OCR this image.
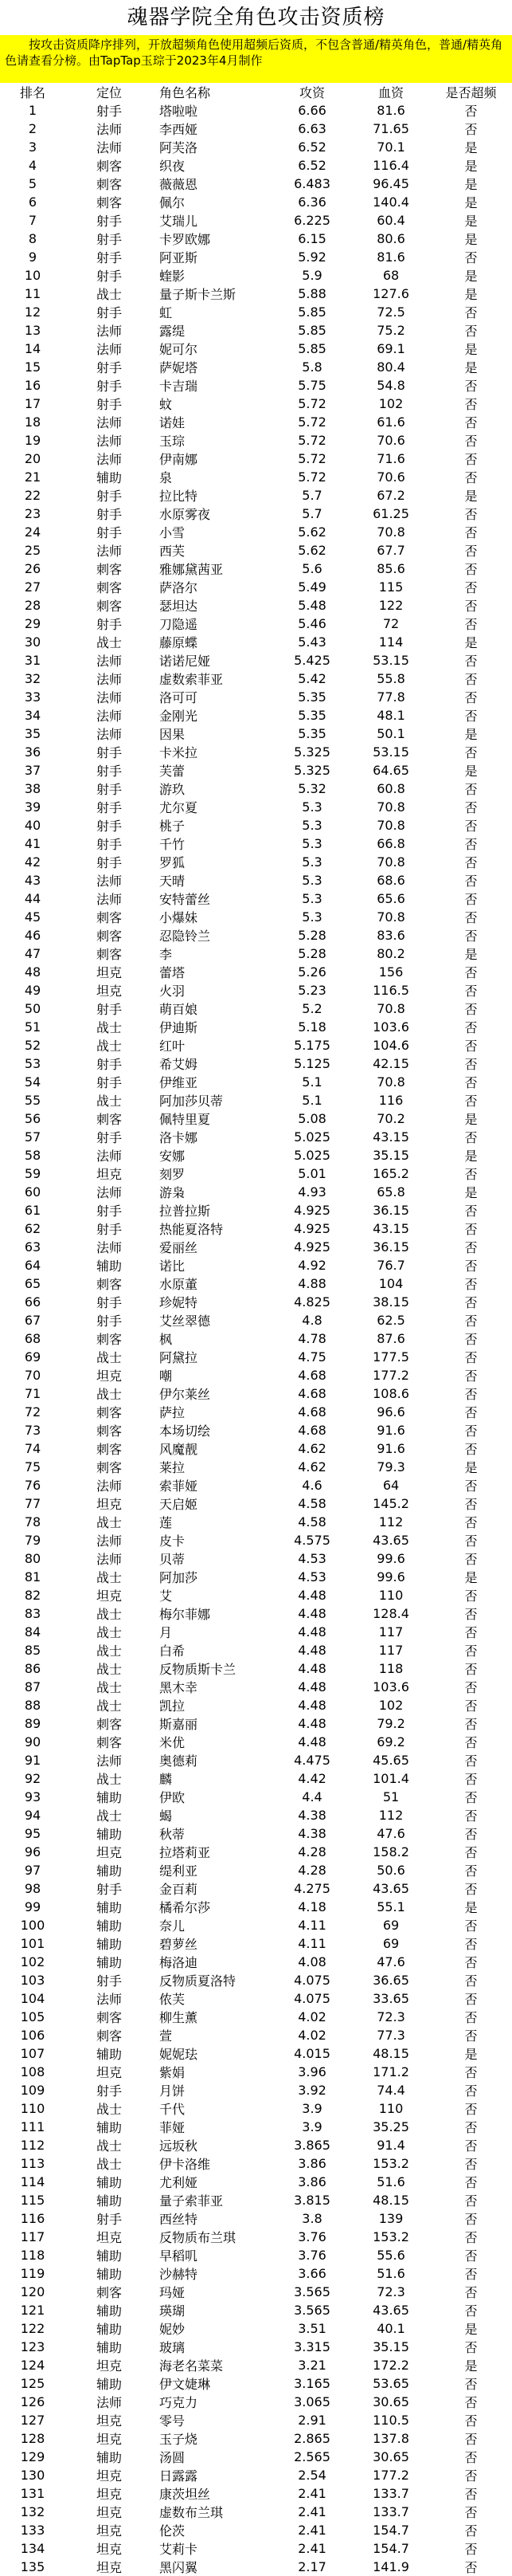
魂器学院全角色攻击资质榜
按攻击资质降序排列，开放超频角色使用超频后资质，不包含普通/精英角色，普通/精英角色请查看分榜。由TapTap玉琮于2023年4月制作
排名	定位	角色名称	攻资	血资	是否超频
1	射手	塔啦啦	6.66	81.6	否
2	法师	李西娅	6.63	71.65	否
3	法师	阿芙洛	6.52	70.1	是
4	刺客	织夜	6.52	116.4	是
5	刺客	薇薇恩	6.483	96.45	是
6	刺客	佩尔	6.36	140.4	是
7	射手	艾瑞儿	6.225	60.4	是
8	射手	卡罗欧娜	6.15	80.6	是
9	射手	阿亚斯	5.92	81.6	否
10	射手	蝰影	5.9	68	是
11	战士	量子斯卡兰斯	5.88	127.6	是
12	射手	虹	5.85	72.5	否
13	法师	露缇	5.85	75.2	否
14	法师	妮可尔	5.85	69.1	是
15	射手	萨妮塔	5.8	80.4	是
16	射手	卡吉瑞	5.75	54.8	否
17	射手	蚊	5.72	102	否
18	法师	诺娃	5.72	61.6	否
19	法师	玉琮	5.72	70.6	否
20	法师	伊南娜	5.72	71.6	否
21	辅助	泉	5.72	70.6	否
22	射手	拉比特	5.7	67.2	是
23	射手	水原雾夜	5.7	61.25	否
24	射手	小雪	5.62	70.8	否
25	法师	西芙	5.62	67.7	否
26	刺客	雅娜黛茜亚	5.6	85.6	否
27	刺客	萨洛尔	5.49	115	否
28	刺客	瑟坦达	5.48	122	否
29	射手	刀隐遥	5.46	72	否
30	战士	藤原蝶	5.43	114	是
31	法师	诺诺尼娅	5.425	53.15	否
32	法师	虚数索菲亚	5.42	55.8	否
33	法师	洛可可	5.35	77.8	否
34	法师	金刚光	5.35	48.1	否
35	法师	因果	5.35	50.1	是
36	射手	卡米拉	5.325	53.15	否
37	射手	芙蕾	5.325	64.65	是
38	射手	游玖	5.32	60.8	否
39	射手	尤尔夏	5.3	70.8	否
40	射手	桃子	5.3	70.8	否
41	射手	千竹	5.3	66.8	否
42	射手	罗狐	5.3	70.8	否
43	法师	天晴	5.3	68.6	否
44	法师	安特蕾丝	5.3	65.6	否
45	刺客	小爆妹	5.3	70.8	否
46	刺客	忍隐铃兰	5.28	83.6	否
47	刺客	李	5.28	80.2	是
48	坦克	蕾塔	5.26	156	否
49	坦克	火羽	5.23	116.5	否
50	射手	萌百娘	5.2	70.8	否
51	战士	伊迪斯	5.18	103.6	否
52	战士	红叶	5.175	104.6	否
53	射手	希艾姆	5.125	42.15	否
54	射手	伊维亚	5.1	70.8	否
55	战士	阿加莎贝蒂	5.1	116	否
56	刺客	佩特里夏	5.08	70.2	是
57	射手	洛卡娜	5.025	43.15	否
58	法师	安娜	5.025	35.15	是
59	坦克	刻罗	5.01	165.2	否
60	法师	游枭	4.93	65.8	是
61	射手	拉普拉斯	4.925	36.15	否
62	射手	热能夏洛特	4.925	43.15	否
63	法师	爱丽丝	4.925	36.15	否
64	辅助	诺比	4.92	76.7	否
65	刺客	水原董	4.88	104	否
66	射手	珍妮特	4.825	38.15	否
67	射手	艾丝翠德	4.8	62.5	否
68	刺客	枫	4.78	87.6	否
69	战士	阿黛拉	4.75	177.5	否
70	坦克	嘲	4.68	177.2	否
71	战士	伊尔莱丝	4.68	108.6	否
72	刺客	萨拉	4.68	96.6	否
73	刺客	本场切绘	4.68	91.6	否
74	刺客	风魔靓	4.62	91.6	否
75	刺客	莱拉	4.62	79.3	是
76	法师	索菲娅	4.6	64	否
77	坦克	天启姬	4.58	145.2	否
78	战士	莲	4.58	112	否
79	法师	皮卡	4.575	43.65	否
80	法师	贝蒂	4.53	99.6	否
81	战士	阿加莎	4.53	99.6	是
82	坦克	艾	4.48	110	否
83	战士	梅尔菲娜	4.48	128.4	否
84	战士	月	4.48	117	否
85	战士	白希	4.48	117	否
86	战士	反物质斯卡兰	4.48	118	否
87	战士	黑木幸	4.48	103.6	否
88	战士	凯拉	4.48	102	否
89	刺客	斯嘉丽	4.48	79.2	否
90	刺客	米优	4.48	69.2	否
91	法师	奥德莉	4.475	45.65	否
92	战士	麟	4.42	101.4	否
93	辅助	伊欧	4.4	51	否
94	战士	蝎	4.38	112	否
95	辅助	秋蒂	4.38	47.6	否
96	坦克	拉塔莉亚	4.28	158.2	否
97	辅助	缇利亚	4.28	50.6	否
98	射手	金百莉	4.275	43.65	否
99	辅助	橘希尔莎	4.18	55.1	是
100	辅助	奈儿	4.11	69	否
101	辅助	碧萝丝	4.11	69	否
102	辅助	梅洛迪	4.08	47.6	否
103	射手	反物质夏洛特	4.075	36.65	否
104	法师	侬芙	4.075	33.65	否
105	刺客	柳生薰	4.02	72.3	否
106	刺客	萱	4.02	77.3	否
107	辅助	妮妮珐	4.015	48.15	是
108	坦克	紫娟	3.96	171.2	否
109	射手	月饼	3.92	74.4	否
110	战士	千代	3.9	110	否
111	辅助	菲娅	3.9	35.25	否
112	战士	远坂秋	3.865	91.4	否
113	战士	伊卡洛维	3.86	153.2	否
114	辅助	尤利娅	3.86	51.6	否
115	辅助	量子索菲亚	3.815	48.15	否
116	射手	西丝特	3.8	139	否
117	坦克	反物质布兰琪	3.76	153.2	否
118	辅助	早稻叽	3.76	55.6	否
119	辅助	沙赫特	3.66	51.6	否
120	刺客	玛娅	3.565	72.3	否
121	辅助	瑛瑚	3.565	43.65	否
122	辅助	妮妙	3.51	40.1	是
123	辅助	玻璃	3.315	35.15	否
124	坦克	海老名菜菜	3.21	172.2	是
125	辅助	伊文婕琳	3.165	53.65	否
126	法师	巧克力	3.065	30.65	否
127	坦克	零号	2.91	110.5	否
128	坦克	玉子烧	2.865	137.8	否
129	辅助	汤圆	2.565	30.65	否
130	坦克	日露露	2.54	177.2	否
131	坦克	康茨坦丝	2.41	133.7	否
132	坦克	虚数布兰琪	2.41	133.7	否
133	坦克	伦茨	2.41	154.7	否
134	坦克	艾莉卡	2.41	154.7	否
135	坦克	黑闪翼	2.17	141.9	否
